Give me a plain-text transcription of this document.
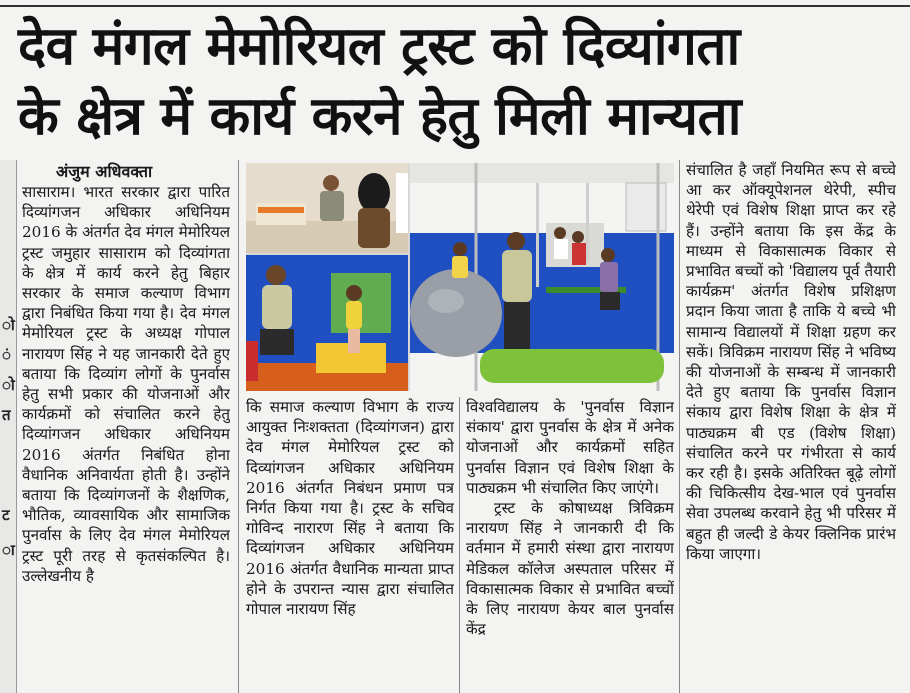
देव मंगल मेमोरियल ट्रस्ट को दिव्यांगता
के क्षेत्र में कार्य करने हेतु मिली मान्यता
ो
ं
ो
त
ट
ा
अंजुम अधिवक्ता

सासाराम। भारत सरकार द्वारा पारित दिव्यांगजन अधिकार अधिनियम 2016 के अंतर्गत देव मंगल मेमोरियल ट्रस्ट जमुहार सासाराम को दिव्यांगता के क्षेत्र में कार्य करने हेतु बिहार सरकार के समाज कल्याण विभाग द्वारा निबंधित किया गया है। देव मंगल मेमोरियल ट्रस्ट के अध्यक्ष गोपाल नारायण सिंह ने यह जानकारी देते हुए बताया कि दिव्यांग लोगों के पुनर्वास हेतु सभी प्रकार की योजनाओं और कार्यक्रमों को संचालित करने हेतु दिव्यांगजन अधिकार अधिनियम 2016 अंतर्गत निबंधित होना वैधानिक अनिवार्यता होती है। उन्होंने बताया कि दिव्यांगजनों के शैक्षणिक, भौतिक, व्यावसायिक और सामाजिक पुनर्वास के लिए देव मंगल मेमोरियल ट्रस्ट पूरी तरह से कृतसंकल्पित है। उल्लेखनीय है

कि समाज कल्याण विभाग के राज्य आयुक्त निःशक्तता (दिव्यांगजन) द्वारा देव मंगल मेमोरियल ट्रस्ट को दिव्यांगजन अधिकार अधिनियम 2016 अंतर्गत निबंधन प्रमाण पत्र निर्गत किया गया है। ट्रस्ट के सचिव गोविन्द नारारण सिंह ने बताया कि दिव्यांगजन अधिकार अधिनियम 2016 अंतर्गत वैधानिक मान्यता प्राप्त होने के उपरान्त न्यास द्वारा संचालित गोपाल नारायण सिंह

विश्वविद्यालय के 'पुनर्वास विज्ञान संकाय' द्वारा पुनर्वास के क्षेत्र में अनेक योजनाओं और कार्यक्रमों सहित पुनर्वास विज्ञान एवं विशेष शिक्षा के पाठ्यक्रम भी संचालित किए जाएंगे।

ट्रस्ट के कोषाध्यक्ष त्रिविक्रम नारायण सिंह ने जानकारी दी कि वर्तमान में हमारी संस्था द्वारा नारायण मेडिकल कॉलेज अस्पताल परिसर में विकासात्मक विकार से प्रभावित बच्चों के लिए नारायण केयर बाल पुनर्वास केंद्र

संचालित है जहाँ नियमित रूप से बच्चे आ कर ऑक्यूपेशनल थेरेपी, स्पीच थेरेपी एवं विशेष शिक्षा प्राप्त कर रहे हैं। उन्होंने बताया कि इस केंद्र के माध्यम से विकासात्मक विकार से प्रभावित बच्चों को 'विद्यालय पूर्व तैयारी कार्यक्रम' अंतर्गत विशेष प्रशिक्षण प्रदान किया जाता है ताकि ये बच्चे भी सामान्य विद्यालयों में शिक्षा ग्रहण कर सकें। त्रिविक्रम नारायण सिंह ने भविष्य की योजनाओं के सम्बन्ध में जानकारी देते हुए बताया कि पुनर्वास विज्ञान संकाय द्वारा विशेष शिक्षा के क्षेत्र में पाठ्यक्रम बी एड (विशेष शिक्षा) संचालित करने पर गंभीरता से कार्य कर रही है। इसके अतिरिक्त बूढ़े लोगों की चिकित्सीय देख-भाल एवं पुनर्वास सेवा उपलब्ध करवाने हेतु भी परिसर में बहुत ही जल्दी डे केयर क्लिनिक प्रारंभ किया जाएगा।
